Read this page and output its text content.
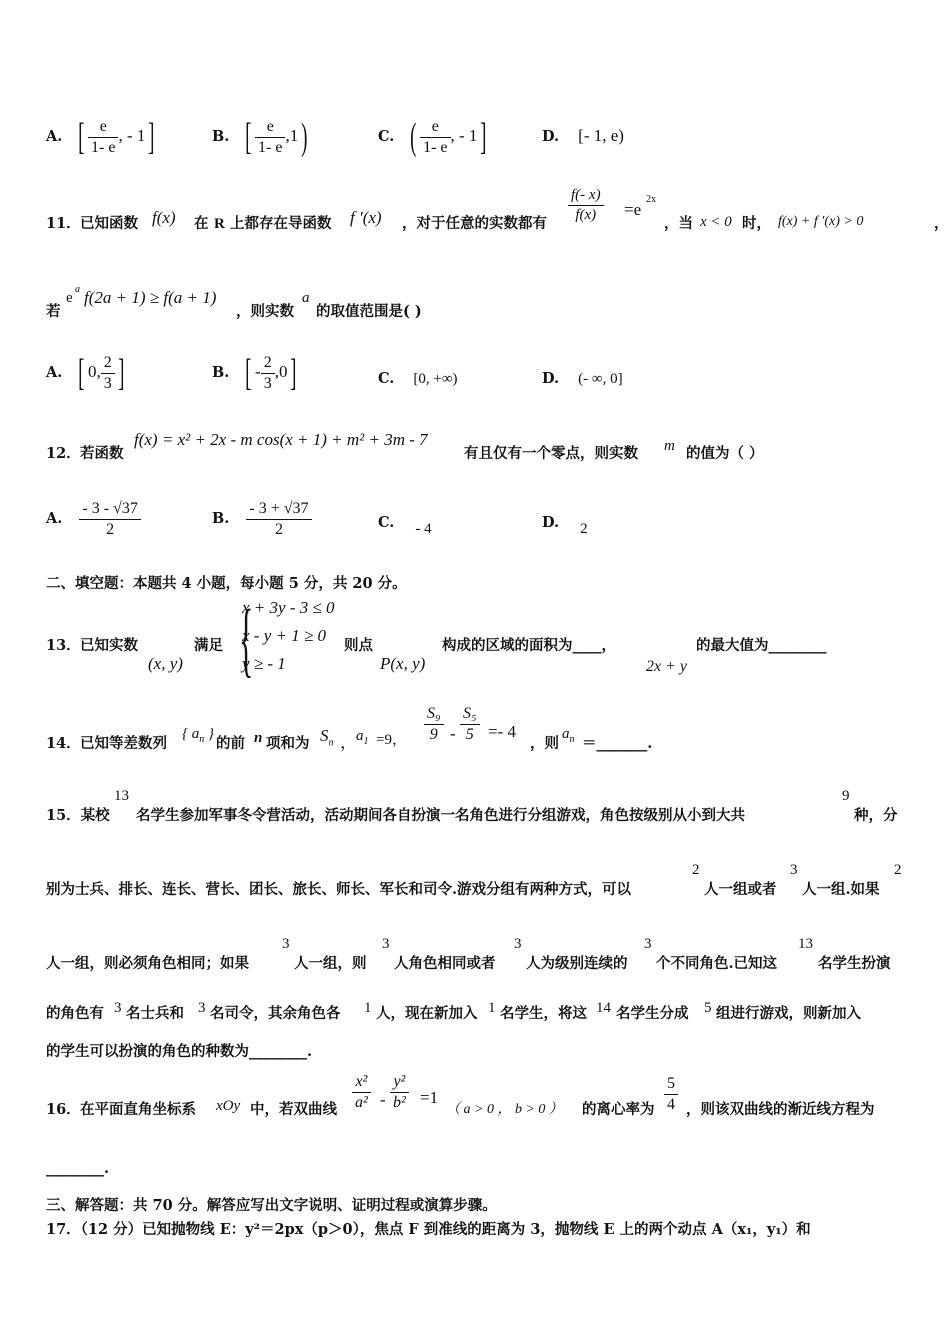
A. [ $\frac{e}{1- e}$ , - 1]	B. [ $\frac{e}{1- e} ,1$)	C. ( $\frac{e}{1- e}$ , - 1]	D. [- 1, e)
11． 已知函数 f(x) 在 R 上都存在导函数 f ′(x) ，对于任意的实数都有 $\frac{f(- x)}{f(x)} =e$
2x
，当 x < 0 时， f(x) + f ′(x) > 0	，
若
e
a f(2a + 1) ≥ f(a + 1)
，则实数
a
的取值范围是( )
A. [ 0, $\frac{2}{3}$ ]	B. [ - $\frac{2}{3} ,0$]	C. [0, +∞)	D. (- ∞, 0]
12． 若函数
f(x) = x² + 2x - m cos(x + 1) + m² + 3m - 7
有且仅有一个零点，则实数 m 的值为（ ）
A. $\frac{- 3 - √37}{2}$	B. $\frac{- 3 + √37}{2}$	C. - 4	D. 2
二、填空题：本题共 4 小题，每小题 5 分，共 20 分。
13． 已知实数
(x, y)
满足 {
x + 3y - 3 ≤ 0
x - y + 1 ≥ 0
y ≥ - 1
则点
P(x, y)
构成的区域的面积为____，
2x + y
的最大值为________
14． 已知等差数列
{ $a_n$ }
的前 n 项和为 $S_n$ ， $a_1 =9$， $\frac{\text{S₉}}{9} - \frac{\text{S₅}}{5} =- 4$
，则
$a_n$ ＝_______.
15．某校
13
名学生参加军事冬令营活动，活动期间各自扮演一名角色进行分组游戏，角色按级别从小到大共
9
种，分
别为士兵、排长、连长、营长、团长、旅长、师长、军长和司令.游戏分组有两种方式，可以
2
人一组或者
3
人一组.如果
2
人一组，则必须角色相同；如果
3
人一组，则
3
人角色相同或者
3
人为级别连续的
3
个不同角色.已知这
13
名学生扮演
的角色有 3 名士兵和 3 名司令，其余角色各 1 人，现在新加入 1 名学生，将这 14 名学生分成 5 组进行游戏，则新加入
的学生可以扮演的角色的种数为________.
16． 在平面直角坐标系 xOy 中，若双曲线 $\frac{\text{x²}}{\text{a²}} - \frac{\text{y²}}{\text{b²}} =1$
（ a > 0 ， b > 0 ） 的离心率为 $\frac{5}{4}$ ，则该双曲线的渐近线方程为
________.
三、解答题：共 70 分。解答应写出文字说明、证明过程或演算步骤。
17．（12 分）已知抛物线 E：y²＝2px（p＞0），焦点 F 到准线的距离为 3，抛物线 E 上的两个动点 A（x₁，y₁）和
